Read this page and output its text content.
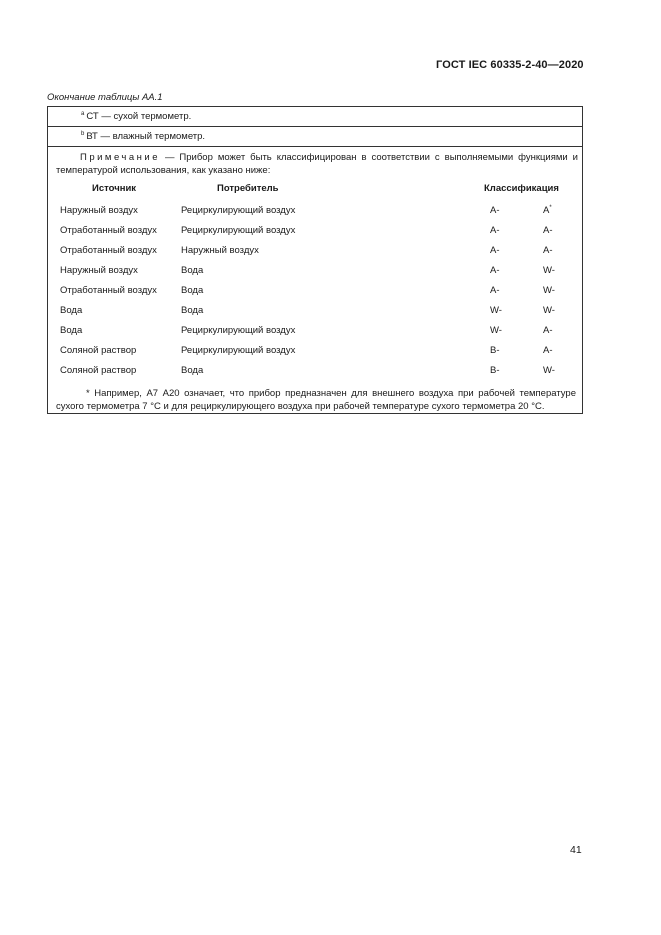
ГОСТ IEC 60335-2-40—2020
Окончание таблицы АА.1
$^a$ СТ — сухой термометр.
$^b$ ВТ — влажный термометр.

Примечание — Прибор может быть классифицирован в соответствии с выполняемыми функциями и температурой использования, как указано ниже:

Источник	Потребитель	Классификация
Наружный воздух	Рециркулирующий воздух	A-	A*
Отработанный воздух	Рециркулирующий воздух	A-	A-
Отработанный воздух	Наружный воздух	A-	A-
Наружный воздух	Вода	A-	W-
Отработанный воздух	Вода	A-	W-
Вода	Вода	W-	W-
Вода	Рециркулирующий воздух	W-	A-
Соляной раствор	Рециркулирующий воздух	B-	A-
Соляной раствор	Вода	B-	W-

* Например, А7 А20 означает, что прибор предназначен для внешнего воздуха при рабочей температуре сухого термометра 7 °С и для рециркулирующего воздуха при рабочей температуре сухого термометра 20 °С.

41
